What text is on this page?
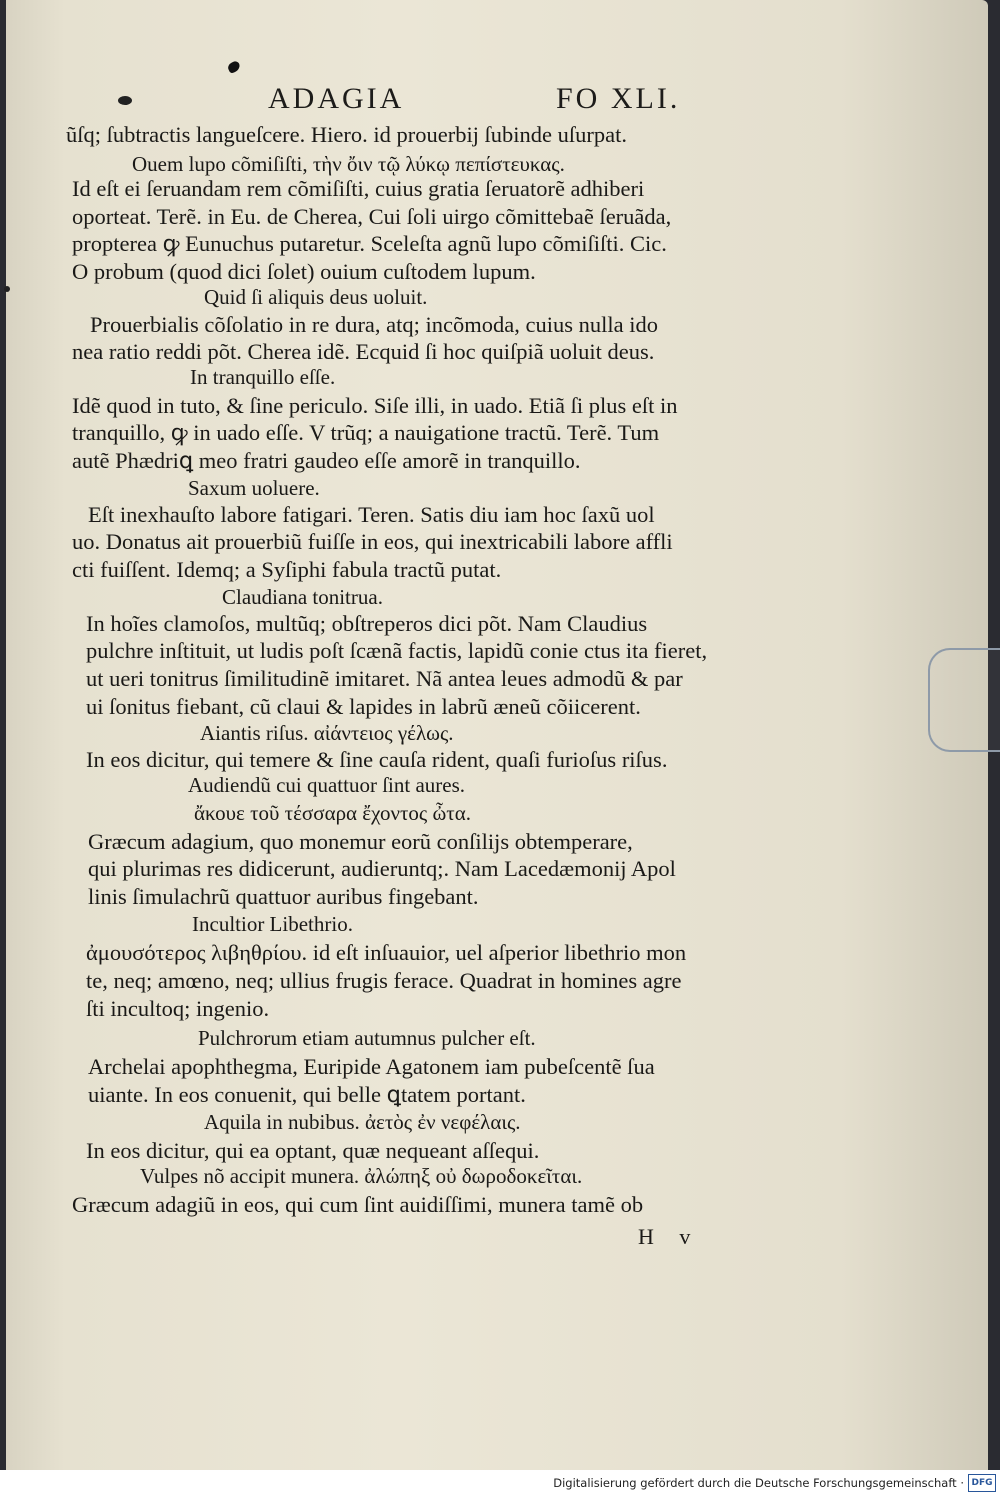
ADAGIA	FO XLI.
ũſq; ſubtractis langueſcere. Hiero. id prouerbĳ ſubinde uſurpat.
Ouem lupo cõmiſiſti, τὴν ὄιν τῷ λύκῳ πεπίστευκας.
Id eſt ei ſeruandam rem cõmiſiſti, cuius gratia ſeruatorẽ adhiberi
oporteat. Terẽ. in Eu. de Cherea, Cui ſoli uirgo cõmittebaẽ ſeruãda,
propterea ꝙ Eunuchus putaretur. Sceleſta agnũ lupo cõmiſiſti. Cic.
O probum (quod dici ſolet) ouium cuſtodem lupum.
Quid ſi aliquis deus uoluit.
Prouerbialis cõſolatio in re dura, atq; incõmoda, cuius nulla ido
nea ratio reddi põt. Cherea idẽ. Ecquid ſi hoc quiſpiã uoluit deus.
In tranquillo eſſe.
Idẽ quod in tuto, & ſine periculo. Siſe illi, in uado. Etiã ſi plus eſt in
tranquillo, ꝙ in uado eſſe. V trũq; a nauigatione tractũ. Terẽ. Tum
autẽ Phædriꝗ meo fratri gaudeo eſſe amorẽ in tranquillo.
Saxum uoluere.
Eſt inexhauſto labore fatigari. Teren. Satis diu iam hoc ſaxũ uol
uo. Donatus ait prouerbiũ fuiſſe in eos, qui inextricabili labore affli
cti fuiſſent. Idemq; a Syſiphi fabula tractũ putat.
Claudiana tonitrua.
In hoĩes clamoſos, multũq; obſtreperos dici põt. Nam Claudius
pulchre inſtituit, ut ludis poſt ſcænã factis, lapidũ conie ctus ita fieret,
ut ueri tonitrus ſimilitudinẽ imitaret. Nã antea leues admodũ & par
ui ſonitus fiebant, cũ claui & lapides in labrũ æneũ cõiicerent.
Aiantis riſus. αἰάντειος γέλως.
In eos dicitur, qui temere & ſine cauſa rident, quaſi furioſus riſus.
Audiendũ cui quattuor ſint aures.
ἄκουε τοῦ τέσσαρα ἔχοντος ὦτα.
Græcum adagium, quo monemur eorũ conſilĳs obtemperare,
qui plurimas res didicerunt, audieruntq;. Nam Lacedæmonĳ Apol
linis ſimulachrũ quattuor auribus fingebant.
Incultior Libethrio.
ἀμουσότερος λιβηθρίου. id eſt inſuauior, uel aſperior libethrio mon
te, neq; amœno, neq; ullius frugis ferace. Quadrat in homines agre
ſti incultoq; ingenio.
Pulchrorum etiam autumnus pulcher eſt.
Archelai apophthegma, Euripide Agatonem iam pubeſcentẽ ſua
uiante. In eos conuenit, qui belle ꝗtatem portant.
Aquila in nubibus. ἀετὸς ἐν νεφέλαις.
In eos dicitur, qui ea optant, quæ nequeant aſſequi.
Vulpes nõ accipit munera. ἀλώπηξ οὐ δωροδοκεῖται.
Græcum adagiũ in eos, qui cum ſint auidiſſimi, munera tamẽ ob
H v
Digitalisierung gefördert durch die Deutsche Forschungsgemeinschaft · DFG
